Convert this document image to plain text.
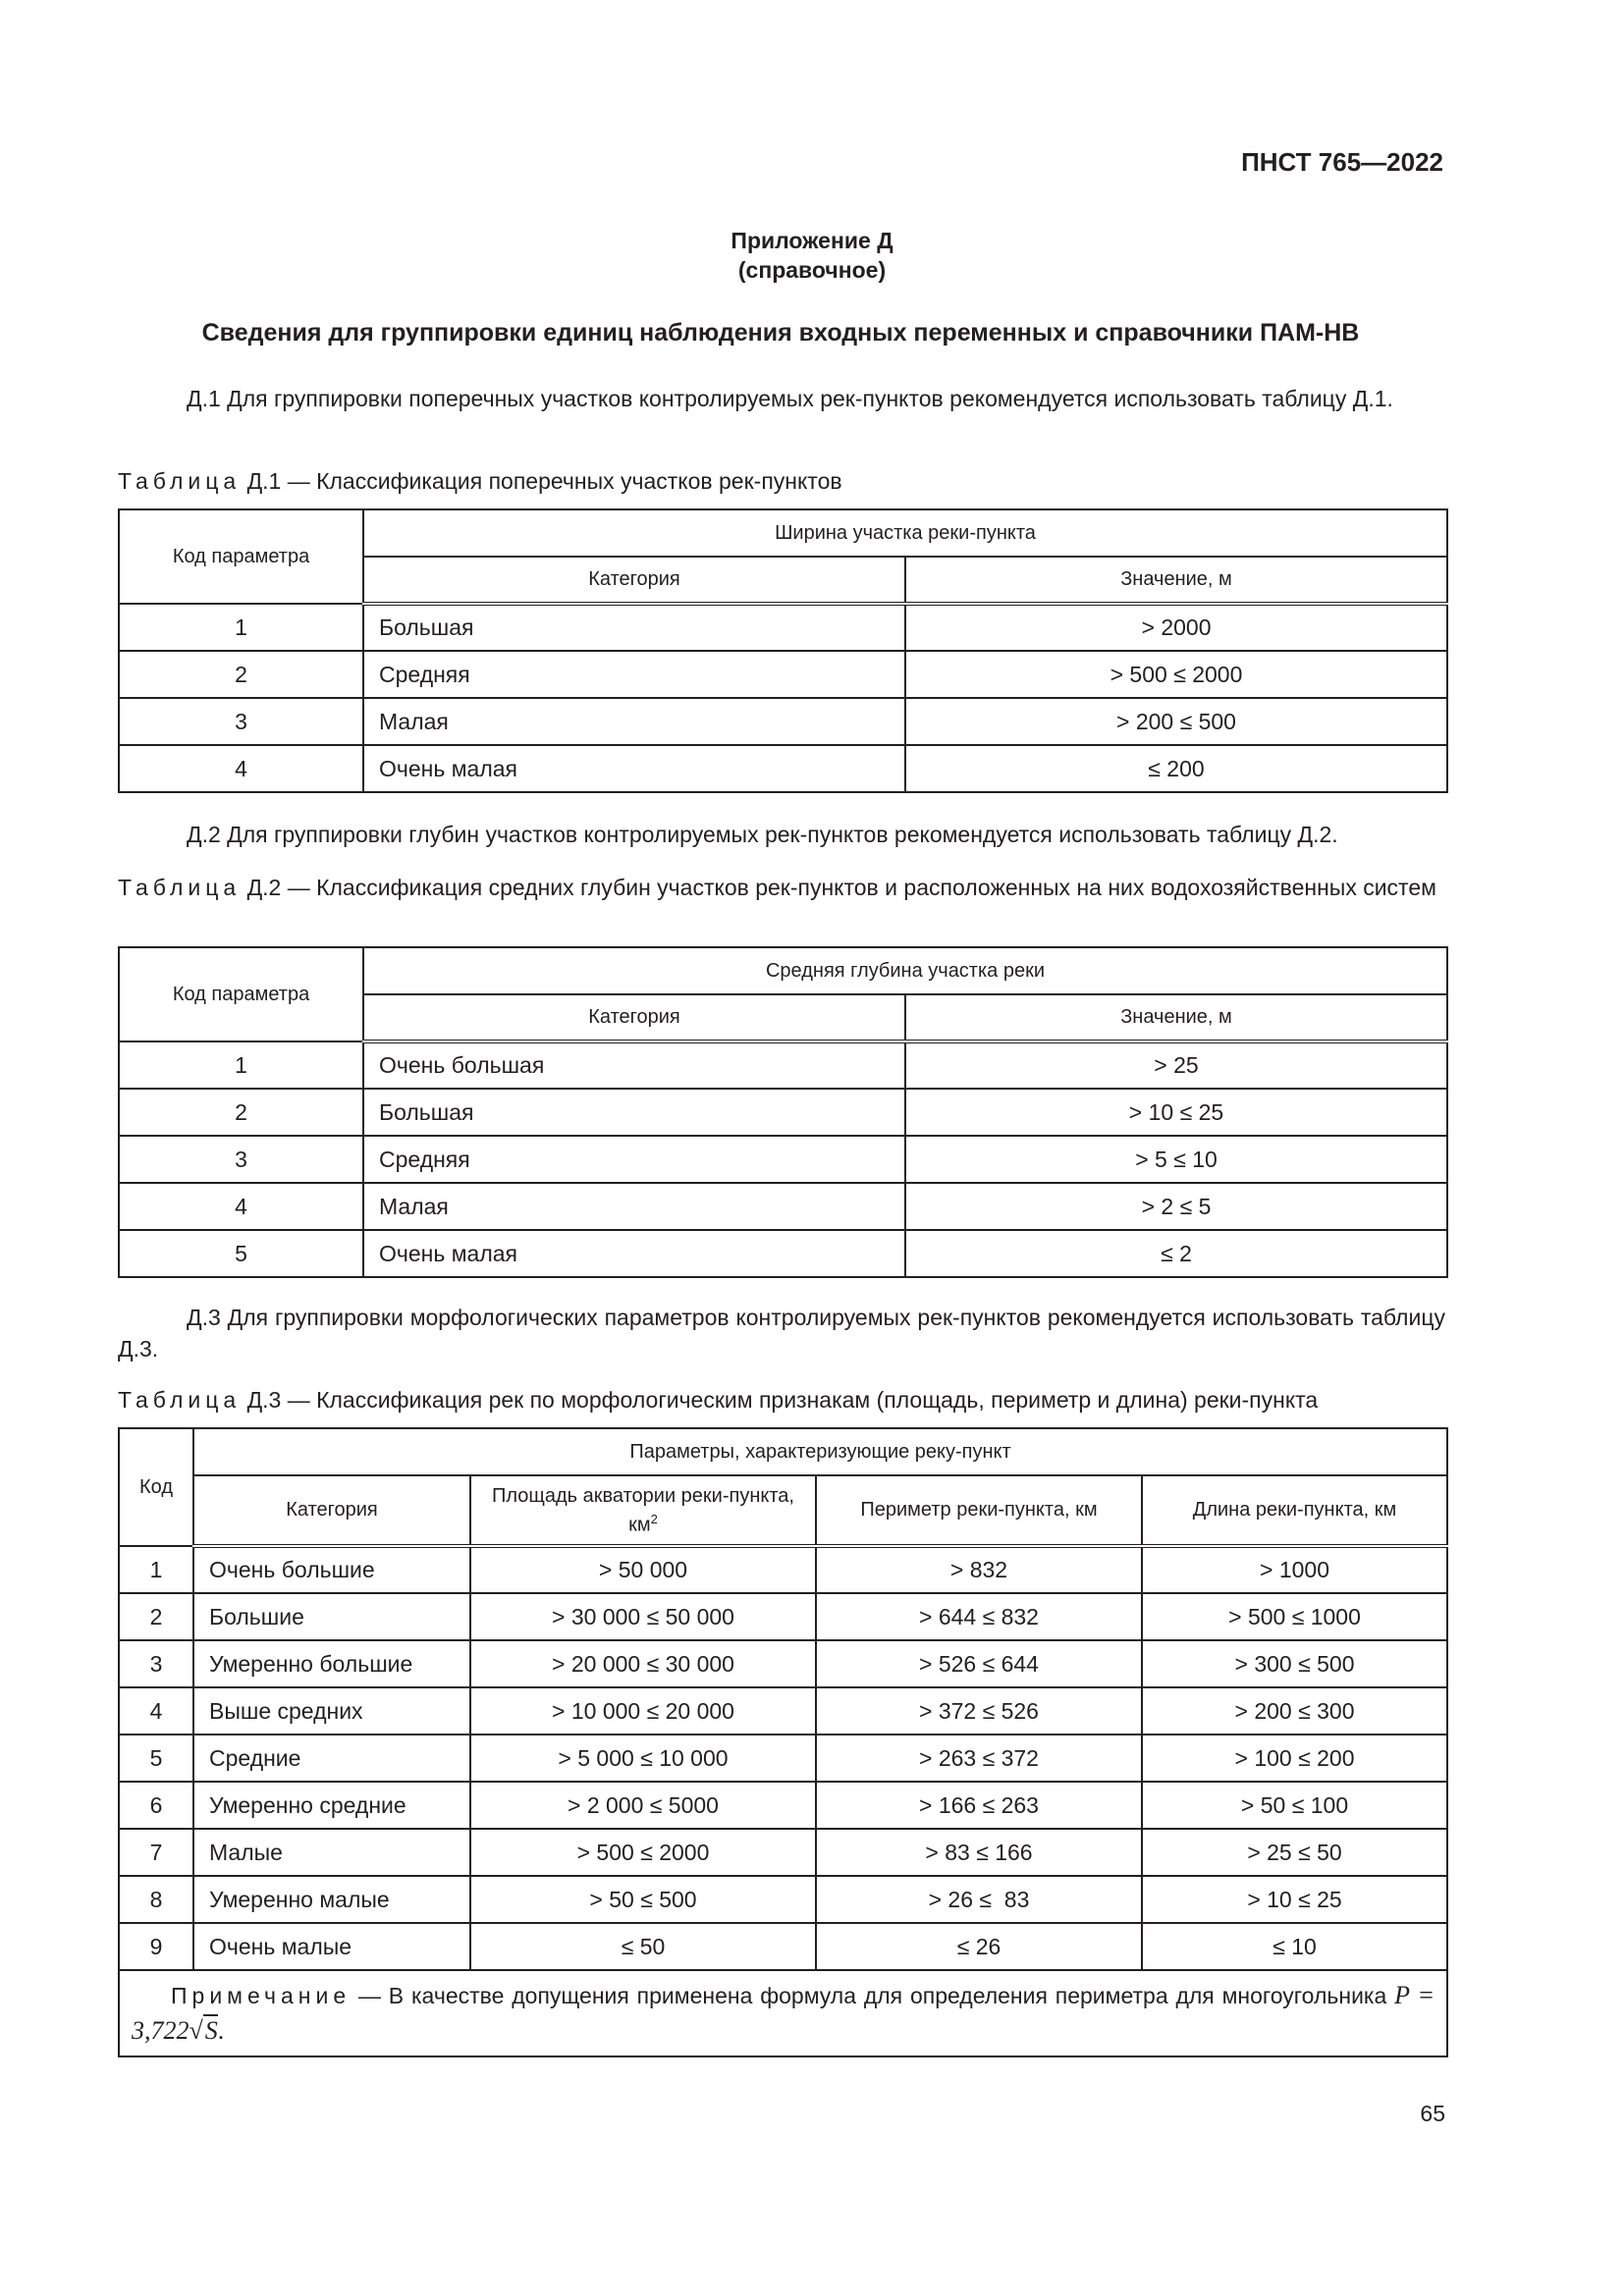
ПНСТ 765—2022
Приложение Д
(справочное)
Сведения для группировки единиц наблюдения входных переменных и справочники ПАМ-НВ
Д.1 Для группировки поперечных участков контролируемых рек-пунктов рекомендуется использовать таблицу Д.1.
Таблица Д.1 — Классификация поперечных участков рек-пунктов
Код параметра	Ширина участка реки-пункта	
	Категория	Значение, м
1	Большая	> 2000
2	Средняя	> 500 ≤ 2000
3	Малая	> 200 ≤ 500
4	Очень малая	≤ 200
Д.2 Для группировки глубин участков контролируемых рек-пунктов рекомендуется использовать таблицу Д.2.
Таблица Д.2 — Классификация средних глубин участков рек-пунктов и расположенных на них водохозяйственных систем
Код параметра	Средняя глубина участка реки	
	Категория	Значение, м
1	Очень большая	> 25
2	Большая	> 10 ≤ 25
3	Средняя	> 5 ≤ 10
4	Малая	> 2 ≤ 5
5	Очень малая	≤ 2
Д.3 Для группировки морфологических параметров контролируемых рек-пунктов рекомендуется использовать таблицу Д.3.
Таблица Д.3 — Классификация рек по морфологическим признакам (площадь, периметр и длина) реки-пункта
Код	Параметры, характеризующие реку-пункт			
	Категория	Площадь акватории реки-пункта, $км^2$	Периметр реки-пункта, км	Длина реки-пункта, км
1	Очень большие	> 50 000	> 832	> 1000
2	Большие	> 30 000 ≤ 50 000	> 644 ≤ 832	> 500 ≤ 1000
3	Умеренно большие	> 20 000 ≤ 30 000	> 526 ≤ 644	> 300 ≤ 500
4	Выше средних	> 10 000 ≤ 20 000	> 372 ≤ 526	> 200 ≤ 300
5	Средние	> 5 000 ≤ 10 000	> 263 ≤ 372	> 100 ≤ 200
6	Умеренно средние	> 2 000 ≤ 5000	> 166 ≤ 263	> 50 ≤ 100
7	Малые	> 500 ≤ 2000	> 83 ≤ 166	> 25 ≤ 50
8	Умеренно малые	> 50 ≤ 500	> 26 ≤  83	> 10 ≤ 25
9	Очень малые	≤ 50	≤ 26	≤ 10
Примечание — В качестве допущения применена формула для определения периметра для многоугольника P = 3,722√S.				
65
